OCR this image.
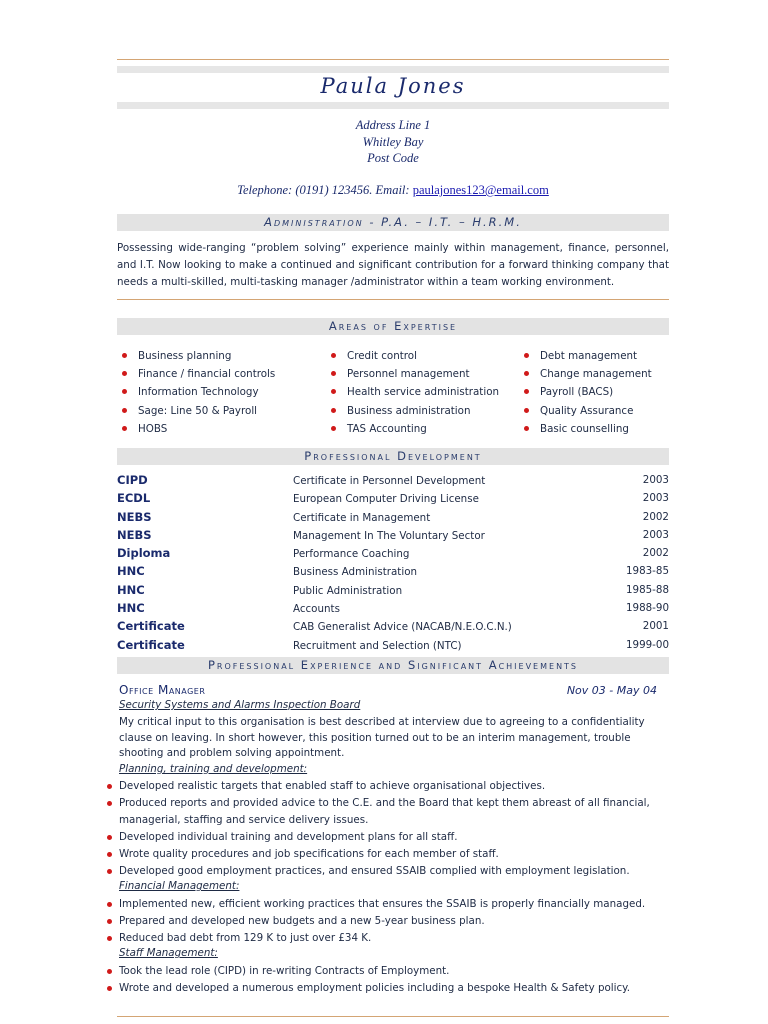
Paula Jones
Address Line 1
Whitley Bay
Post Code
Telephone: (0191) 123456. Email: paulajones123@email.com
Administration - P.A. – I.T. – H.R.M.
Possessing wide-ranging “problem solving” experience mainly within management, finance, personnel, and I.T. Now looking to make a continued and significant contribution for a forward thinking company that needs a multi-skilled, multi-tasking manager /administrator within a team working environment.
Areas of Expertise
Business planning
Finance / financial controls
Information Technology
Sage: Line 50 & Payroll
HOBS
Credit control
Personnel management
Health service administration
Business administration
TAS Accounting
Debt management
Change management
Payroll (BACS)
Quality Assurance
Basic counselling
Professional Development
CIPD	Certificate in Personnel Development	2003
ECDL	European Computer Driving License	2003
NEBS	Certificate in Management	2002
NEBS	Management In The Voluntary Sector	2003
Diploma	Performance Coaching	2002
HNC	Business Administration	1983-85
HNC	Public Administration	1985-88
HNC	Accounts	1988-90
Certificate	CAB Generalist Advice (NACAB/N.E.O.C.N.)	2001
Certificate	Recruitment and Selection (NTC)	1999-00
Professional Experience and Significant Achievements
Office Manager	Nov 03 - May 04
Security Systems and Alarms Inspection Board
My critical input to this organisation is best described at interview due to agreeing to a confidentiality clause on leaving. In short however, this position turned out to be an interim management, trouble shooting and problem solving appointment.
Planning, training and development:
Developed realistic targets that enabled staff to achieve organisational objectives.
Produced reports and provided advice to the C.E. and the Board that kept them abreast of all financial, managerial, staffing and service delivery issues.
Developed individual training and development plans for all staff.
Wrote quality procedures and job specifications for each member of staff.
Developed good employment practices, and ensured SSAIB complied with employment legislation.
Financial Management:
Implemented new, efficient working practices that ensures the SSAIB is properly financially managed.
Prepared and developed new budgets and a new 5-year business plan.
Reduced bad debt from 129 K to just over £34 K.
Staff Management:
Took the lead role (CIPD) in re-writing Contracts of Employment.
Wrote and developed a numerous employment policies including a bespoke Health & Safety policy.
